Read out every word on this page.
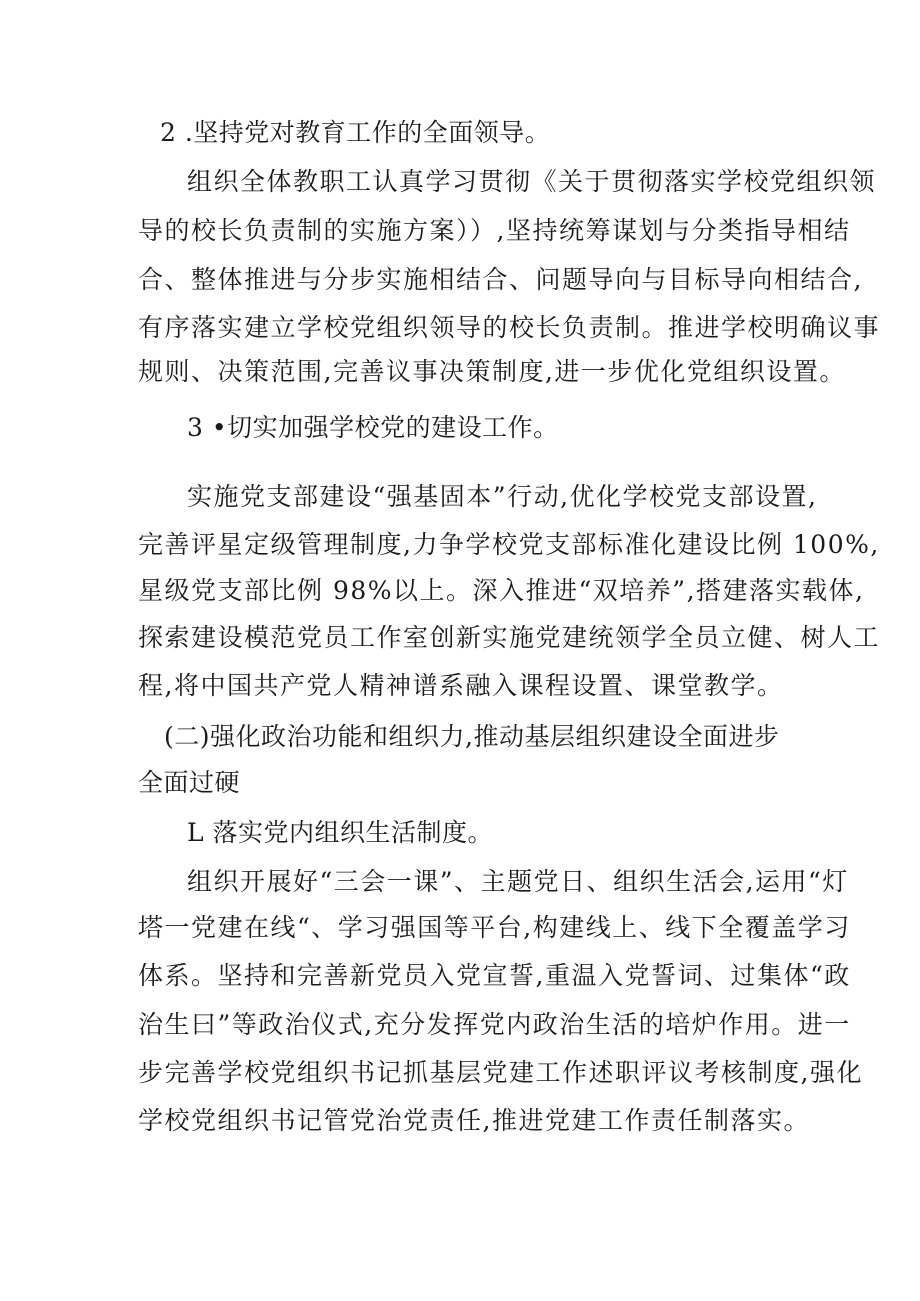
2 .坚持党对教育工作的全面领导。
组织全体教职工认真学习贯彻《关于贯彻落实学校党组织领
导的校长负责制的实施方案））,坚持统筹谋划与分类指导相结
合、整体推进与分步实施相结合、问题导向与目标导向相结合,
有序落实建立学校党组织领导的校长负责制。推进学校明确议事
规则、决策范围,完善议事决策制度,进一步优化党组织设置。
3 •切实加强学校党的建设工作。
实施党支部建设“强基固本”行动,优化学校党支部设置,
完善评星定级管理制度,力争学校党支部标准化建设比例 100%,
星级党支部比例 98%以上。深入推进“双培养”,搭建落实载体,
探索建设模范党员工作室创新实施党建统领学全员立健、树人工
程,将中国共产党人精神谱系融入课程设置、课堂教学。
(二)强化政治功能和组织力,推动基层组织建设全面进步
全面过硬
L 落实党内组织生活制度。
组织开展好“三会一课”、主题党日、组织生活会,运用“灯
塔一党建在线“、学习强国等平台,构建线上、线下全覆盖学习
体系。坚持和完善新党员入党宣誓,重温入党誓词、过集体“政
治生曰”等政治仪式,充分发挥党内政治生活的培炉作用。进一
步完善学校党组织书记抓基层党建工作述职评议考核制度,强化
学校党组织书记管党治党责任,推进党建工作责任制落实。
